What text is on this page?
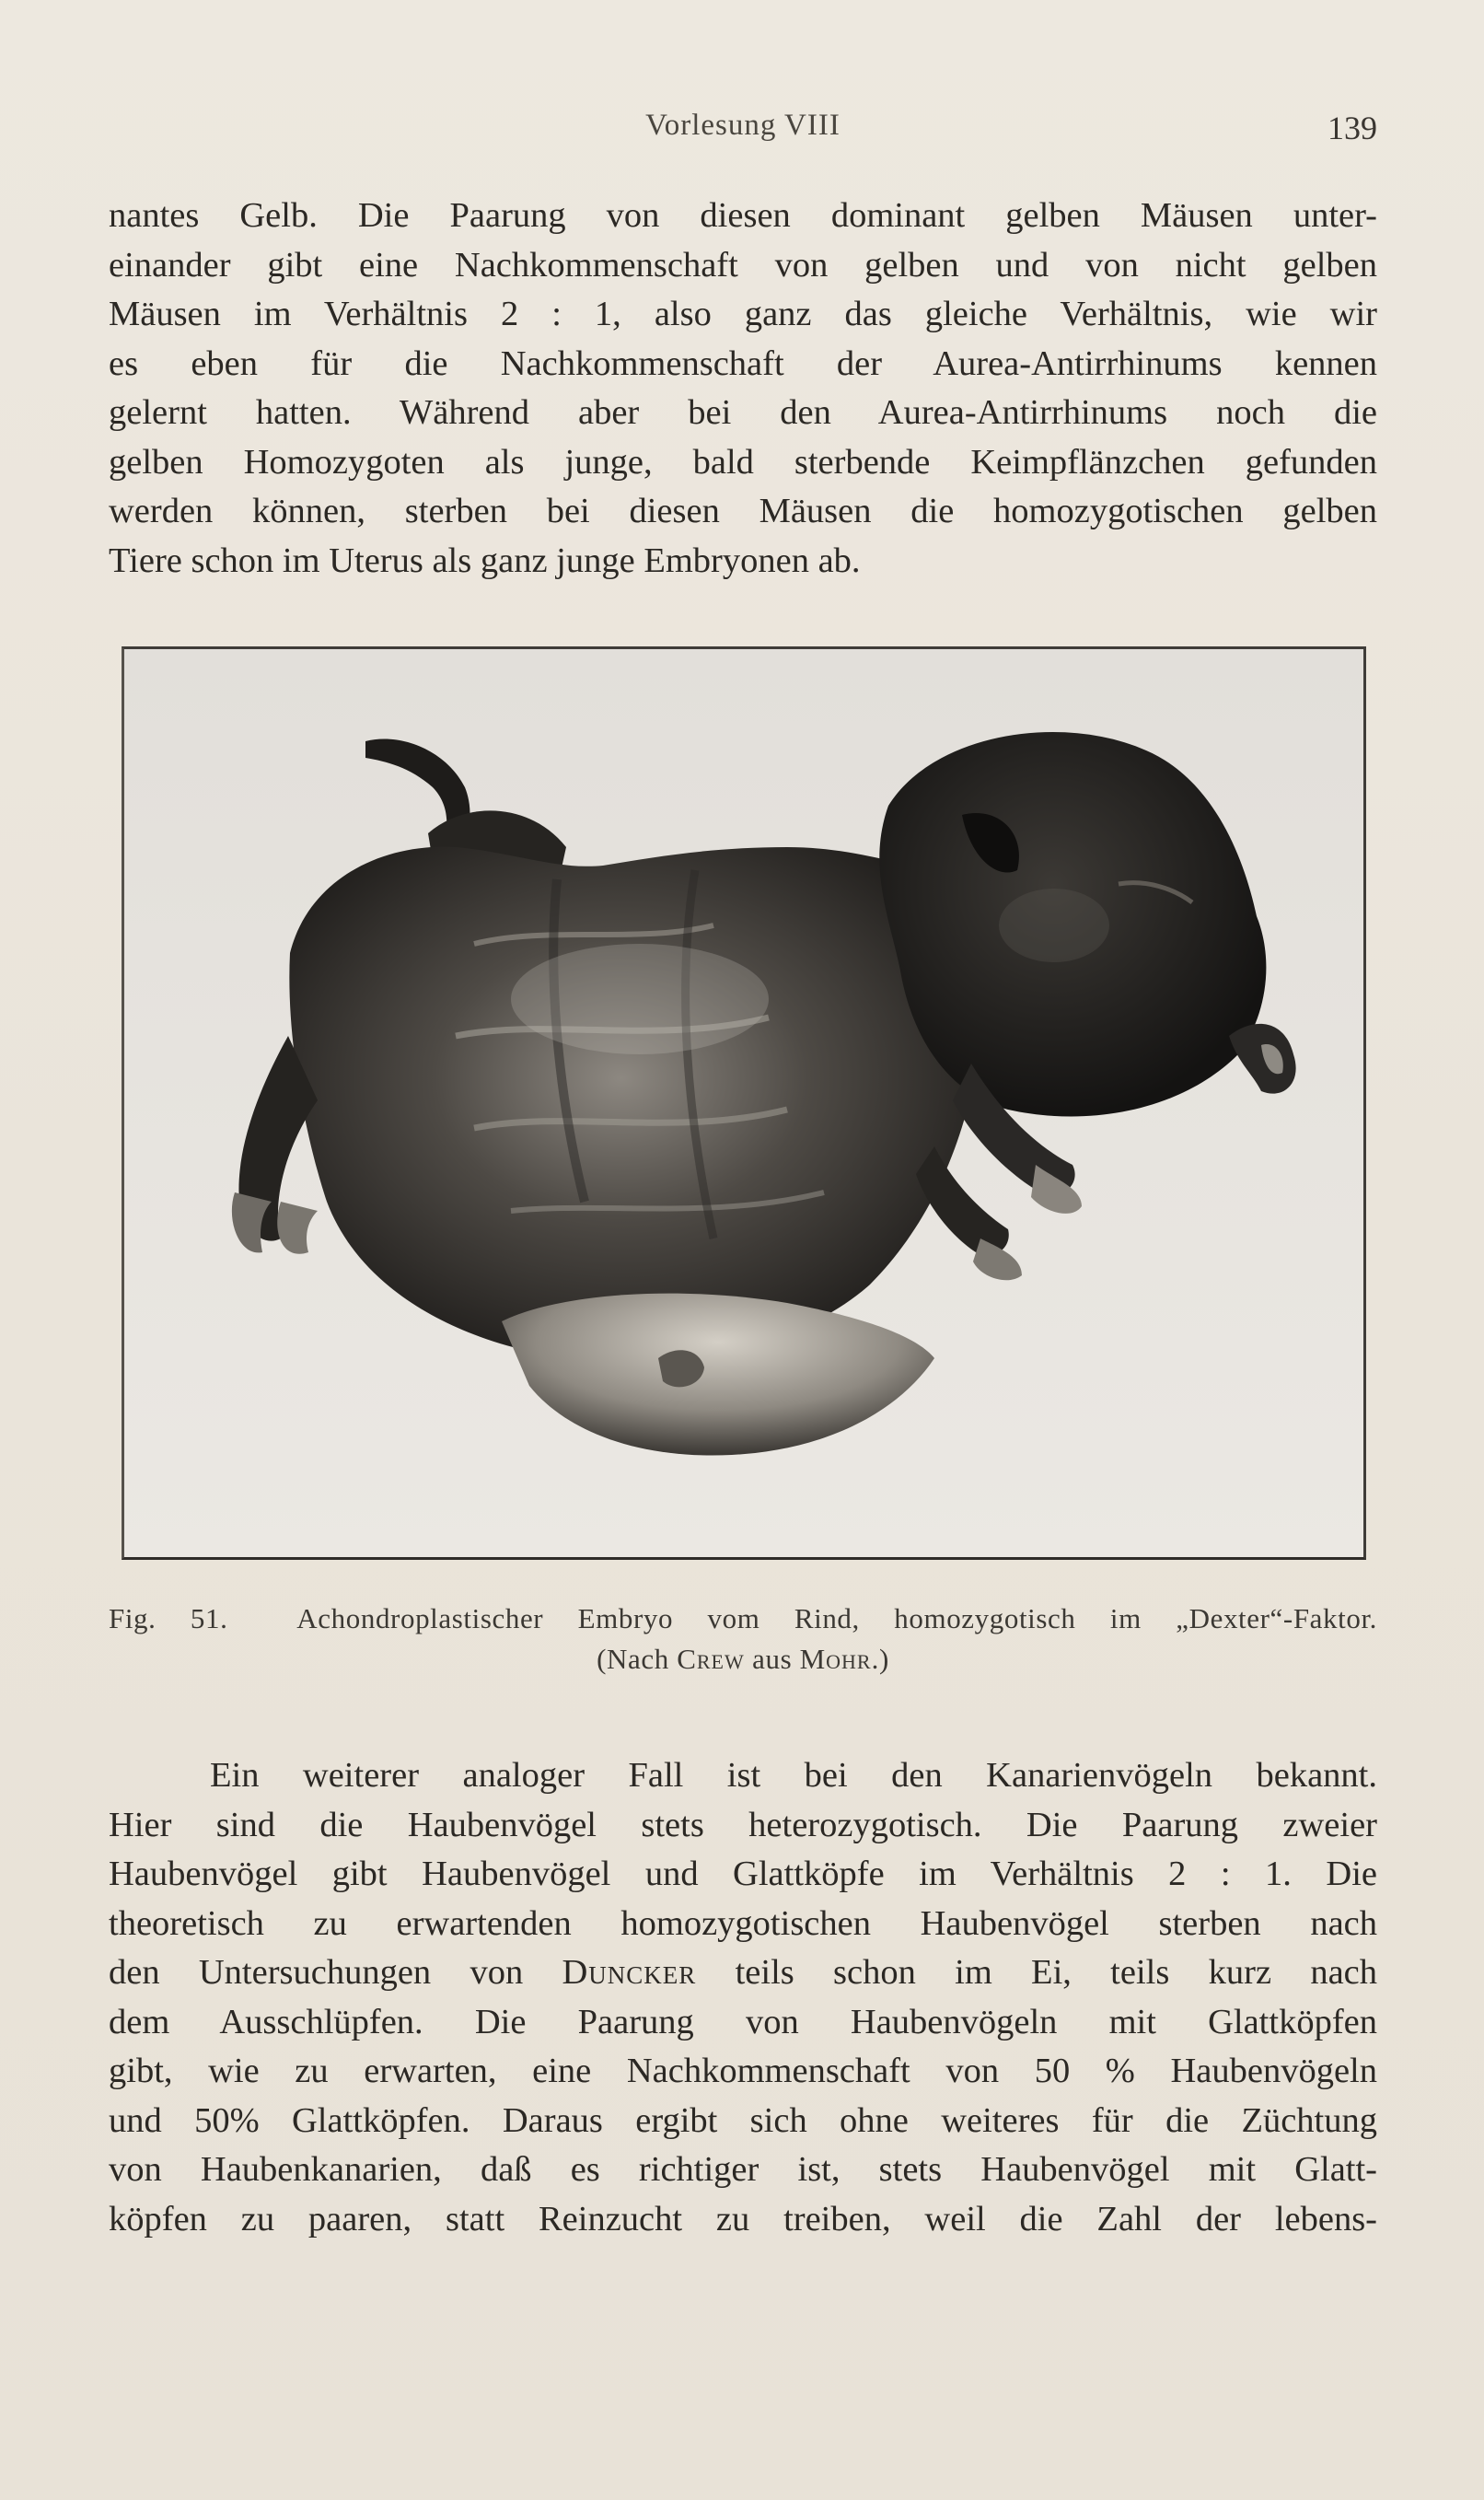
Vorlesung VIII	139
nantes Gelb. Die Paarung von diesen dominant gelben Mäusen unter-
einander gibt eine Nachkommenschaft von gelben und von nicht gelben
Mäusen im Verhältnis 2 : 1, also ganz das gleiche Verhältnis, wie wir
es eben für die Nachkommenschaft der Aurea-Antirrhinums kennen
gelernt hatten. Während aber bei den Aurea-Antirrhinums noch die
gelben Homozygoten als junge, bald sterbende Keimpflänzchen gefunden
werden können, sterben bei diesen Mäusen die homozygotischen gelben
Tiere schon im Uterus als ganz junge Embryonen ab.
Fig. 51. Achondroplastischer Embryo vom Rind, homozygotisch im „Dexter“-Faktor.
(Nach Crew aus Mohr.)
Ein weiterer analoger Fall ist bei den Kanarienvögeln bekannt.
Hier sind die Haubenvögel stets heterozygotisch. Die Paarung zweier
Haubenvögel gibt Haubenvögel und Glattköpfe im Verhältnis 2 : 1. Die
theoretisch zu erwartenden homozygotischen Haubenvögel sterben nach
den Untersuchungen von Duncker teils schon im Ei, teils kurz nach
dem Ausschlüpfen. Die Paarung von Haubenvögeln mit Glattköpfen
gibt, wie zu erwarten, eine Nachkommenschaft von 50 % Haubenvögeln
und 50% Glattköpfen. Daraus ergibt sich ohne weiteres für die Züchtung
von Haubenkanarien, daß es richtiger ist, stets Haubenvögel mit Glatt-
köpfen zu paaren, statt Reinzucht zu treiben, weil die Zahl der lebens-
